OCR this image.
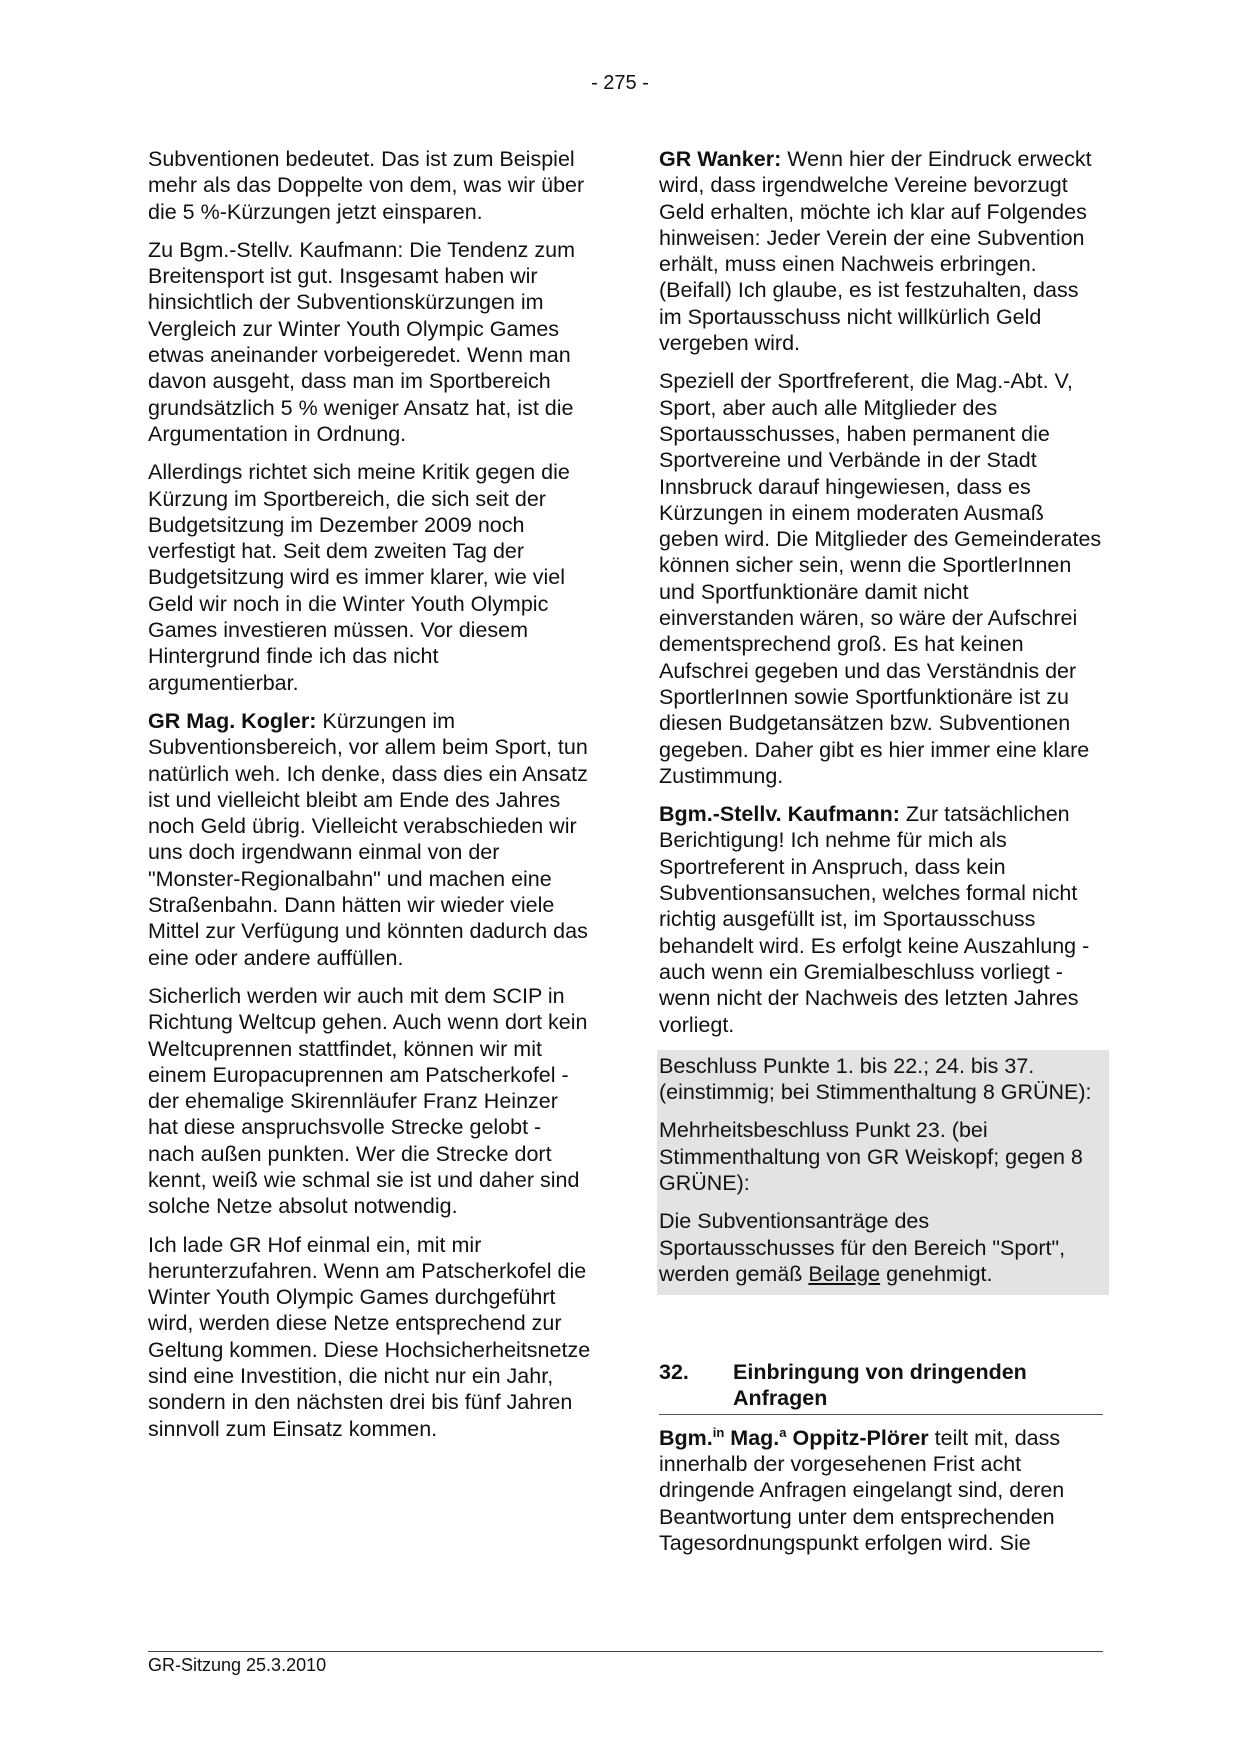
- 275 -

Subventionen bedeutet. Das ist zum Beispiel mehr als das Doppelte von dem, was wir über die 5 %-Kürzungen jetzt einsparen.

Zu Bgm.-Stellv. Kaufmann: Die Tendenz zum Breitensport ist gut. Insgesamt haben wir hinsichtlich der Subventionskürzungen im Vergleich zur Winter Youth Olympic Games etwas aneinander vorbeigeredet. Wenn man davon ausgeht, dass man im Sportbereich grundsätzlich 5 % weniger Ansatz hat, ist die Argumentation in Ordnung.

Allerdings richtet sich meine Kritik gegen die Kürzung im Sportbereich, die sich seit der Budgetsitzung im Dezember 2009 noch verfestigt hat. Seit dem zweiten Tag der Budgetsitzung wird es immer klarer, wie viel Geld wir noch in die Winter Youth Olympic Games investieren müssen. Vor diesem Hintergrund finde ich das nicht argumentierbar.

GR Mag. Kogler: Kürzungen im Subventionsbereich, vor allem beim Sport, tun natürlich weh. Ich denke, dass dies ein Ansatz ist und vielleicht bleibt am Ende des Jahres noch Geld übrig. Vielleicht verabschieden wir uns doch irgendwann einmal von der "Monster-Regionalbahn" und machen eine Straßenbahn. Dann hätten wir wieder viele Mittel zur Verfügung und könnten dadurch das eine oder andere auffüllen.

Sicherlich werden wir auch mit dem SCIP in Richtung Weltcup gehen. Auch wenn dort kein Weltcuprennen stattfindet, können wir mit einem Europacuprennen am Patscherkofel - der ehemalige Skirennläufer Franz Heinzer hat diese anspruchsvolle Strecke gelobt - nach außen punkten. Wer die Strecke dort kennt, weiß wie schmal sie ist und daher sind solche Netze absolut notwendig.

Ich lade GR Hof einmal ein, mit mir herunterzufahren. Wenn am Patscherkofel die Winter Youth Olympic Games durchgeführt wird, werden diese Netze entsprechend zur Geltung kommen. Diese Hochsicherheitsnetze sind eine Investition, die nicht nur ein Jahr, sondern in den nächsten drei bis fünf Jahren sinnvoll zum Einsatz kommen.

GR Wanker: Wenn hier der Eindruck erweckt wird, dass irgendwelche Vereine bevorzugt Geld erhalten, möchte ich klar auf Folgendes hinweisen: Jeder Verein der eine Subvention erhält, muss einen Nachweis erbringen. (Beifall) Ich glaube, es ist festzuhalten, dass im Sportausschuss nicht willkürlich Geld vergeben wird.

Speziell der Sportfreferent, die Mag.-Abt. V, Sport, aber auch alle Mitglieder des Sportausschusses, haben permanent die Sportvereine und Verbände in der Stadt Innsbruck darauf hingewiesen, dass es Kürzungen in einem moderaten Ausmaß geben wird. Die Mitglieder des Gemeinderates können sicher sein, wenn die SportlerInnen und Sportfunktionäre damit nicht einverstanden wären, so wäre der Aufschrei dementsprechend groß. Es hat keinen Aufschrei gegeben und das Verständnis der SportlerInnen sowie Sportfunktionäre ist zu diesen Budgetansätzen bzw. Subventionen gegeben. Daher gibt es hier immer eine klare Zustimmung.

Bgm.-Stellv. Kaufmann: Zur tatsächlichen Berichtigung! Ich nehme für mich als Sportreferent in Anspruch, dass kein Subventionsansuchen, welches formal nicht richtig ausgefüllt ist, im Sportausschuss behandelt wird. Es erfolgt keine Auszahlung - auch wenn ein Gremialbeschluss vorliegt - wenn nicht der Nachweis des letzten Jahres vorliegt.

Beschluss Punkte 1. bis 22.; 24. bis 37. (einstimmig; bei Stimmenthaltung 8 GRÜNE):

Mehrheitsbeschluss Punkt 23. (bei Stimmenthaltung von GR Weiskopf; gegen 8 GRÜNE):

Die Subventionsanträge des Sportausschusses für den Bereich "Sport", werden gemäß Beilage genehmigt.

32.	Einbringung von dringenden Anfragen

Bgm.$^{in}$ Mag.$^a$ Oppitz-Plörer teilt mit, dass innerhalb der vorgesehenen Frist acht dringende Anfragen eingelangt sind, deren Beantwortung unter dem entsprechenden Tagesordnungspunkt erfolgen wird. Sie

GR-Sitzung 25.3.2010
